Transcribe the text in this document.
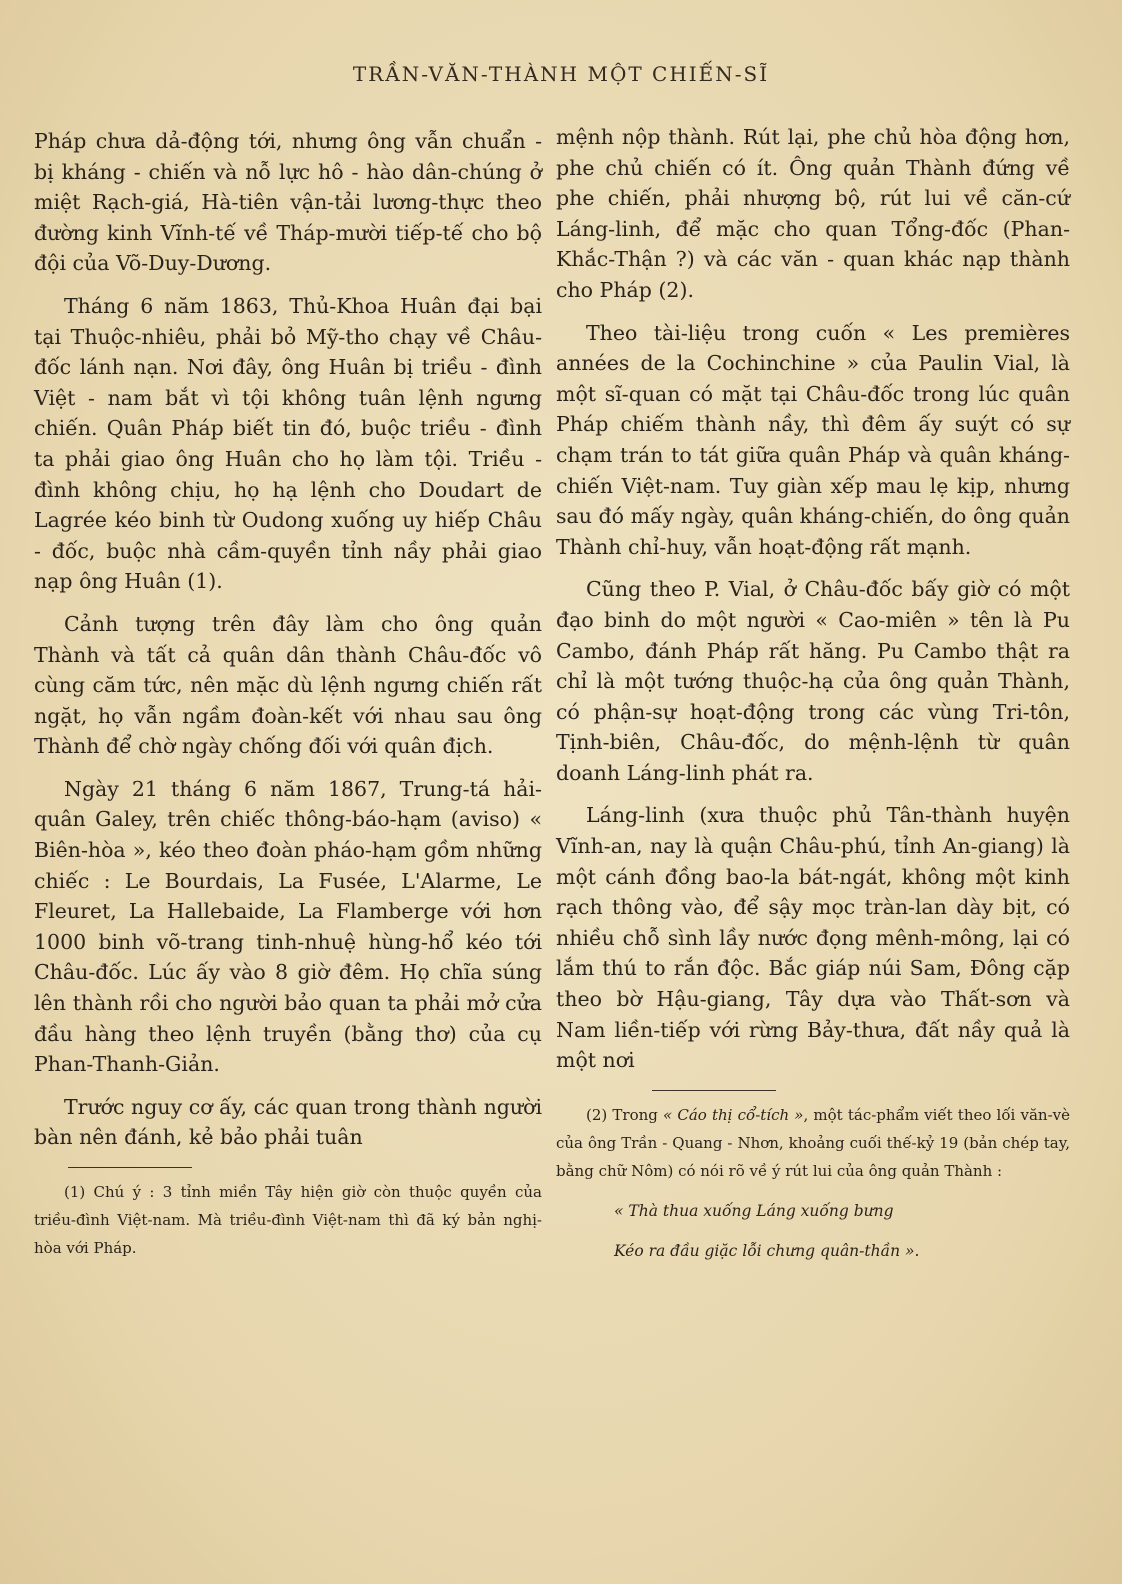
TRẦN-VĂN-THÀNH MỘT CHIẾN-SĨ

Pháp chưa dả-động tới, nhưng ông vẫn chuẩn - bị kháng - chiến và nỗ lực hô - hào dân-chúng ở miệt Rạch-giá, Hà-tiên vận-tải lương-thực theo đường kinh Vĩnh-tế về Tháp-mười tiếp-tế cho bộ đội của Võ-Duy-Dương.

Tháng 6 năm 1863, Thủ-Khoa Huân đại bại tại Thuộc-nhiêu, phải bỏ Mỹ-tho chạy về Châu-đốc lánh nạn. Nơi đây, ông Huân bị triều - đình Việt - nam bắt vì tội không tuân lệnh ngưng chiến. Quân Pháp biết tin đó, buộc triều - đình ta phải giao ông Huân cho họ làm tội. Triều - đình không chịu, họ hạ lệnh cho Doudart de Lagrée kéo binh từ Oudong xuống uy hiếp Châu - đốc, buộc nhà cầm-quyền tỉnh nầy phải giao nạp ông Huân (1).

Cảnh tượng trên đây làm cho ông quản Thành và tất cả quân dân thành Châu-đốc vô cùng căm tức, nên mặc dù lệnh ngưng chiến rất ngặt, họ vẫn ngầm đoàn-kết với nhau sau ông Thành để chờ ngày chống đối với quân địch.

Ngày 21 tháng 6 năm 1867, Trung-tá hải-quân Galey, trên chiếc thông-báo-hạm (aviso) « Biên-hòa », kéo theo đoàn pháo-hạm gồm những chiếc : Le Bourdais, La Fusée, L'Alarme, Le Fleuret, La Hallebaide, La Flamberge với hơn 1000 binh võ-trang tinh-nhuệ hùng-hổ kéo tới Châu-đốc. Lúc ấy vào 8 giờ đêm. Họ chĩa súng lên thành rồi cho người bảo quan ta phải mở cửa đầu hàng theo lệnh truyền (bằng thơ) của cụ Phan-Thanh-Giản.

Trước nguy cơ ấy, các quan trong thành người bàn nên đánh, kẻ bảo phải tuân

(1) Chú ý : 3 tỉnh miền Tây hiện giờ còn thuộc quyền của triều-đình Việt-nam. Mà triều-đình Việt-nam thì đã ký bản nghị-hòa với Pháp.

mệnh nộp thành. Rút lại, phe chủ hòa động hơn, phe chủ chiến có ít. Ông quản Thành đứng về phe chiến, phải nhượng bộ, rút lui về căn-cứ Láng-linh, để mặc cho quan Tổng-đốc (Phan-Khắc-Thận ?) và các văn - quan khác nạp thành cho Pháp (2).

Theo tài-liệu trong cuốn « Les premières années de la Cochinchine » của Paulin Vial, là một sĩ-quan có mặt tại Châu-đốc trong lúc quân Pháp chiếm thành nầy, thì đêm ấy suýt có sự chạm trán to tát giữa quân Pháp và quân kháng-chiến Việt-nam. Tuy giàn xếp mau lẹ kịp, nhưng sau đó mấy ngày, quân kháng-chiến, do ông quản Thành chỉ-huy, vẫn hoạt-động rất mạnh.

Cũng theo P. Vial, ở Châu-đốc bấy giờ có một đạo binh do một người « Cao-miên » tên là Pu Cambo, đánh Pháp rất hăng. Pu Cambo thật ra chỉ là một tướng thuộc-hạ của ông quản Thành, có phận-sự hoạt-động trong các vùng Tri-tôn, Tịnh-biên, Châu-đốc, do mệnh-lệnh từ quân doanh Láng-linh phát ra.

Láng-linh (xưa thuộc phủ Tân-thành huyện Vĩnh-an, nay là quận Châu-phú, tỉnh An-giang) là một cánh đồng bao-la bát-ngát, không một kinh rạch thông vào, để sậy mọc tràn-lan dày bịt, có nhiều chỗ sình lầy nước đọng mênh-mông, lại có lắm thú to rắn độc. Bắc giáp núi Sam, Đông cặp theo bờ Hậu-giang, Tây dựa vào Thất-sơn và Nam liền-tiếp với rừng Bảy-thưa, đất nầy quả là một nơi

(2) Trong « Cáo thị cổ-tích », một tác-phẩm viết theo lối văn-vè của ông Trần - Quang - Nhơn, khoảng cuối thế-kỷ 19 (bản chép tay, bằng chữ Nôm) có nói rõ về ý rút lui của ông quản Thành :

« Thà thua xuống Láng xuống bưng

Kéo ra đầu giặc lỗi chưng quân-thần ».
